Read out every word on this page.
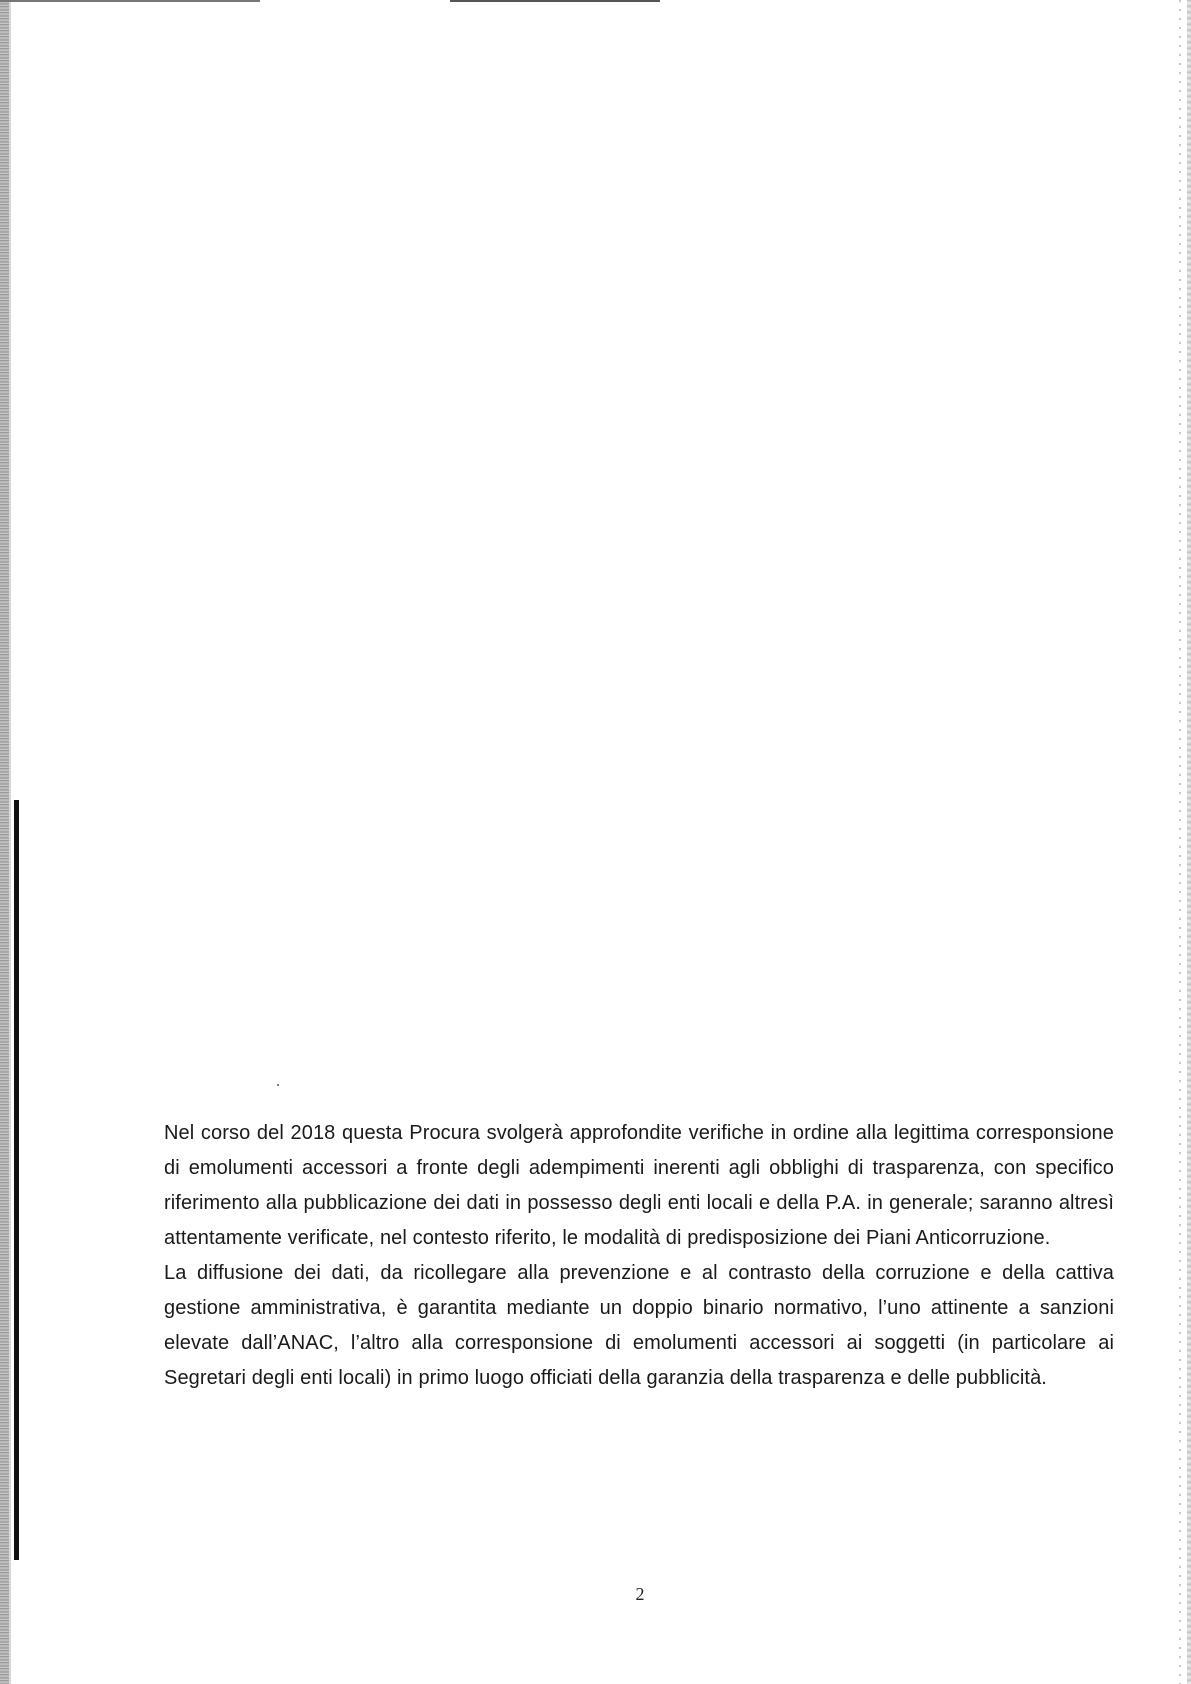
Nel corso del 2018 questa Procura svolgerà approfondite verifiche in ordine alla legittima corresponsione di emolumenti accessori a fronte degli adempimenti inerenti agli obblighi di trasparenza, con specifico riferimento alla pubblicazione dei dati in possesso degli enti locali e della P.A. in generale; saranno altresì attentamente verificate, nel contesto riferito, le modalità di predisposizione dei Piani Anticorruzione.

La diffusione dei dati, da ricollegare alla prevenzione e al contrasto della corruzione e della cattiva gestione amministrativa, è garantita mediante un doppio binario normativo, l’uno attinente a sanzioni elevate dall’ANAC, l’altro alla corresponsione di emolumenti accessori ai soggetti (in particolare ai Segretari degli enti locali) in primo luogo officiati della garanzia della trasparenza e delle pubblicità.

2
